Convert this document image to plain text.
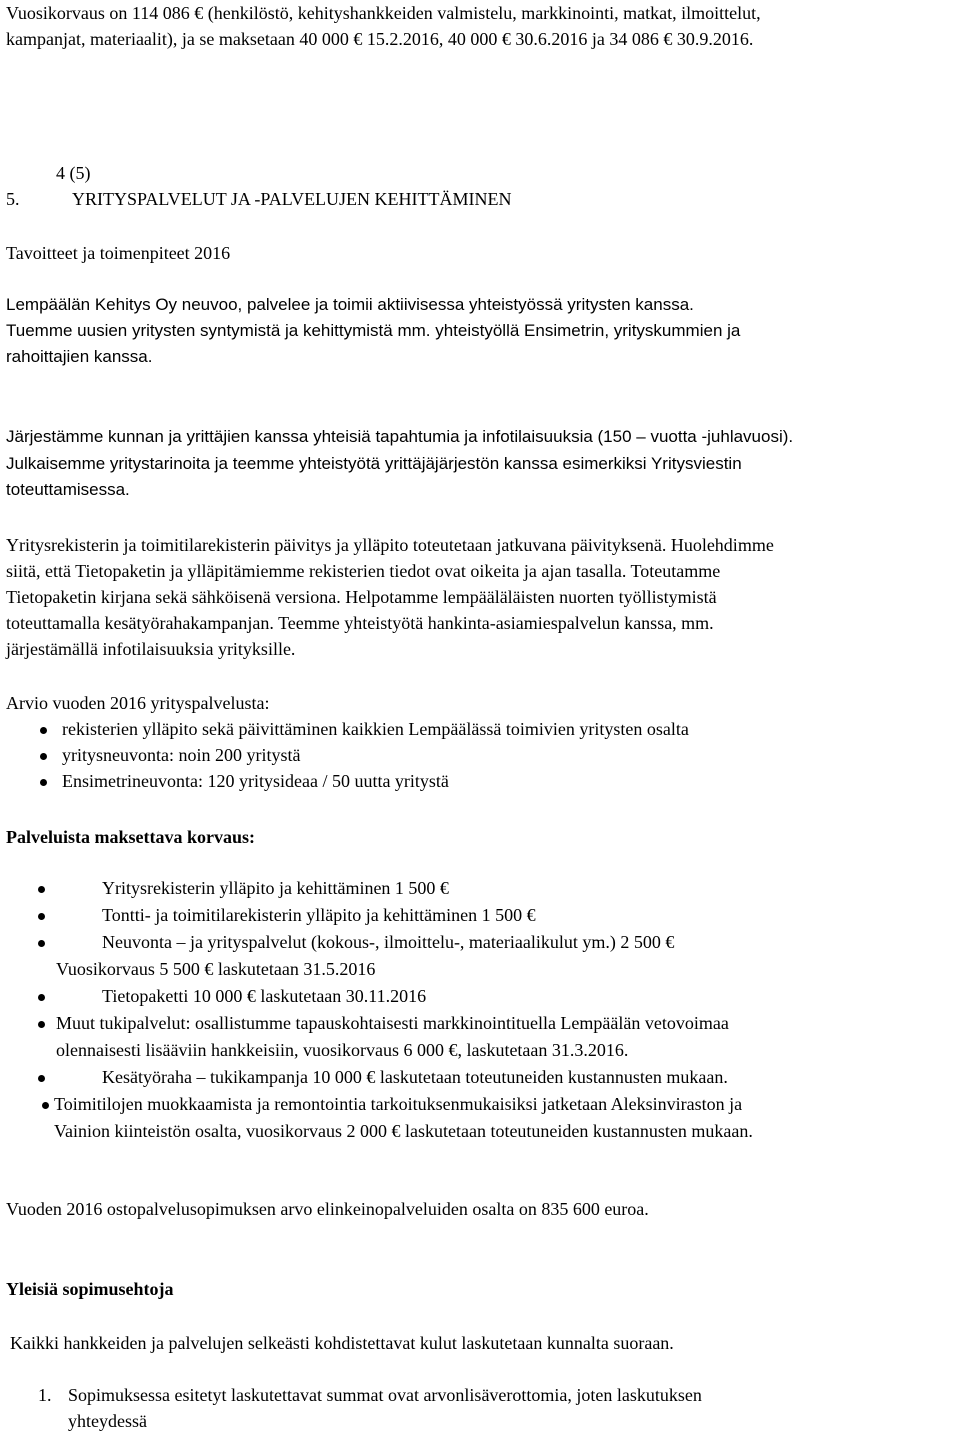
Vuosikorvaus on 114 086 € (henkilöstö, kehityshankkeiden valmistelu, markkinointi, matkat, ilmoittelut,
kampanjat, materiaalit), ja se maksetaan 40 000 € 15.2.2016, 40 000 € 30.6.2016 ja 34 086 € 30.9.2016.
4 (5)
5.	YRITYSPALVELUT JA -PALVELUJEN KEHITTÄMINEN
Tavoitteet ja toimenpiteet 2016
Lempäälän Kehitys Oy neuvoo, palvelee ja toimii aktiivisessa yhteistyössä yritysten kanssa.
Tuemme uusien yritysten syntymistä ja kehittymistä mm. yhteistyöllä Ensimetrin, yrityskummien ja
rahoittajien kanssa.
Järjestämme kunnan ja yrittäjien kanssa yhteisiä tapahtumia ja infotilaisuuksia (150 – vuotta -juhlavuosi).
Julkaisemme yritystarinoita ja teemme yhteistyötä yrittäjäjärjestön kanssa esimerkiksi Yritysviestin
toteuttamisessa.
Yritysrekisterin ja toimitilarekisterin päivitys ja ylläpito toteutetaan jatkuvana päivityksenä. Huolehdimme
siitä, että Tietopaketin ja ylläpitämiemme rekisterien tiedot ovat oikeita ja ajan tasalla. Toteutamme
Tietopaketin kirjana sekä sähköisenä versiona. Helpotamme lempääläläisten nuorten työllistymistä
toteuttamalla kesätyörahakampanjan. Teemme yhteistyötä hankinta-asiamiespalvelun kanssa, mm.
järjestämällä infotilaisuuksia yrityksille.
Arvio vuoden 2016 yrityspalvelusta:
rekisterien ylläpito sekä päivittäminen kaikkien Lempäälässä toimivien yritysten osalta
yritysneuvonta: noin 200 yritystä
Ensimetrineuvonta: 120 yritysideaa / 50 uutta yritystä
Palveluista maksettava korvaus:
Yritysrekisterin ylläpito ja kehittäminen 1 500 €
Tontti- ja toimitilarekisterin ylläpito ja kehittäminen 1 500 €
Neuvonta – ja yrityspalvelut (kokous-, ilmoittelu-, materiaalikulut ym.) 2 500 €
Vuosikorvaus 5 500 € laskutetaan 31.5.2016
Tietopaketti 10 000 € laskutetaan 30.11.2016
Muut tukipalvelut: osallistumme tapauskohtaisesti markkinointituella Lempäälän vetovoimaa
olennaisesti lisääviin hankkeisiin, vuosikorvaus 6 000 €, laskutetaan 31.3.2016.
Kesätyöraha – tukikampanja 10 000 € laskutetaan toteutuneiden kustannusten mukaan.
Toimitilojen muokkaamista ja remontointia tarkoituksenmukaisiksi jatketaan Aleksinviraston ja
Vainion kiinteistön osalta, vuosikorvaus 2 000 € laskutetaan toteutuneiden kustannusten mukaan.
Vuoden 2016 ostopalvelusopimuksen arvo elinkeinopalveluiden osalta on 835 600 euroa.
Yleisiä sopimusehtoja
Kaikki hankkeiden ja palvelujen selkeästi kohdistettavat kulut laskutetaan kunnalta suoraan.
1. Sopimuksessa esitetyt laskutettavat summat ovat arvonlisäverottomia, joten laskutuksen
yhteydessä
